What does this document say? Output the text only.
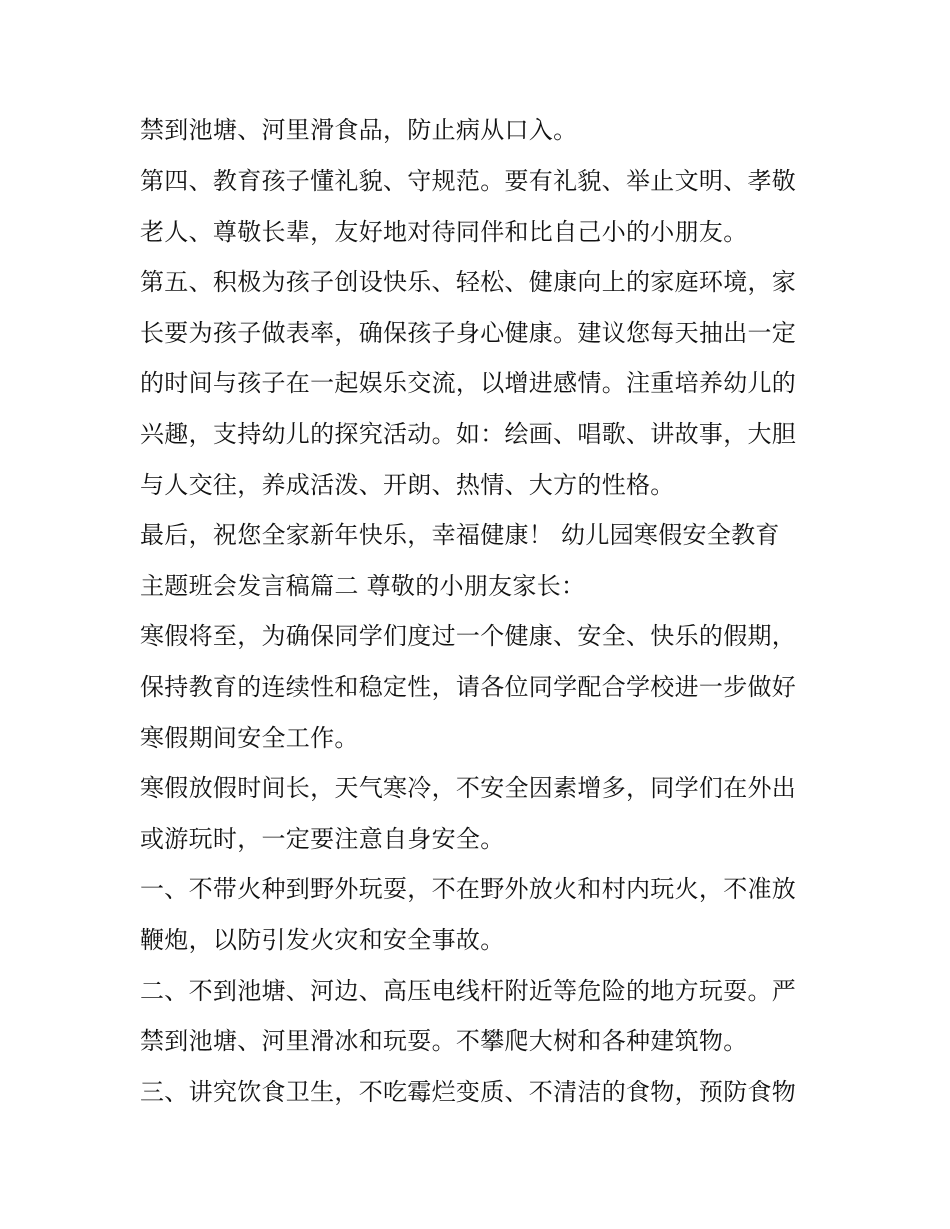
禁到池塘、河里滑食品，防止病从口入。
第四、教育孩子懂礼貌、守规范。要有礼貌、举止文明、孝敬
老人、尊敬长辈，友好地对待同伴和比自己小的小朋友。
第五、积极为孩子创设快乐、轻松、健康向上的家庭环境，家
长要为孩子做表率，确保孩子身心健康。建议您每天抽出一定
的时间与孩子在一起娱乐交流，以增进感情。注重培养幼儿的
兴趣，支持幼儿的探究活动。如：绘画、唱歌、讲故事，大胆
与人交往，养成活泼、开朗、热情、大方的性格。
最后，祝您全家新年快乐，幸福健康！ 幼儿园寒假安全教育
主题班会发言稿篇二 尊敬的小朋友家长：
寒假将至，为确保同学们度过一个健康、安全、快乐的假期，
保持教育的连续性和稳定性，请各位同学配合学校进一步做好
寒假期间安全工作。
寒假放假时间长，天气寒冷，不安全因素增多，同学们在外出
或游玩时，一定要注意自身安全。
一、不带火种到野外玩耍，不在野外放火和村内玩火，不准放
鞭炮，以防引发火灾和安全事故。
二、不到池塘、河边、高压电线杆附近等危险的地方玩耍。严
禁到池塘、河里滑冰和玩耍。不攀爬大树和各种建筑物。
三、讲究饮食卫生，不吃霉烂变质、不清洁的食物，预防食物
